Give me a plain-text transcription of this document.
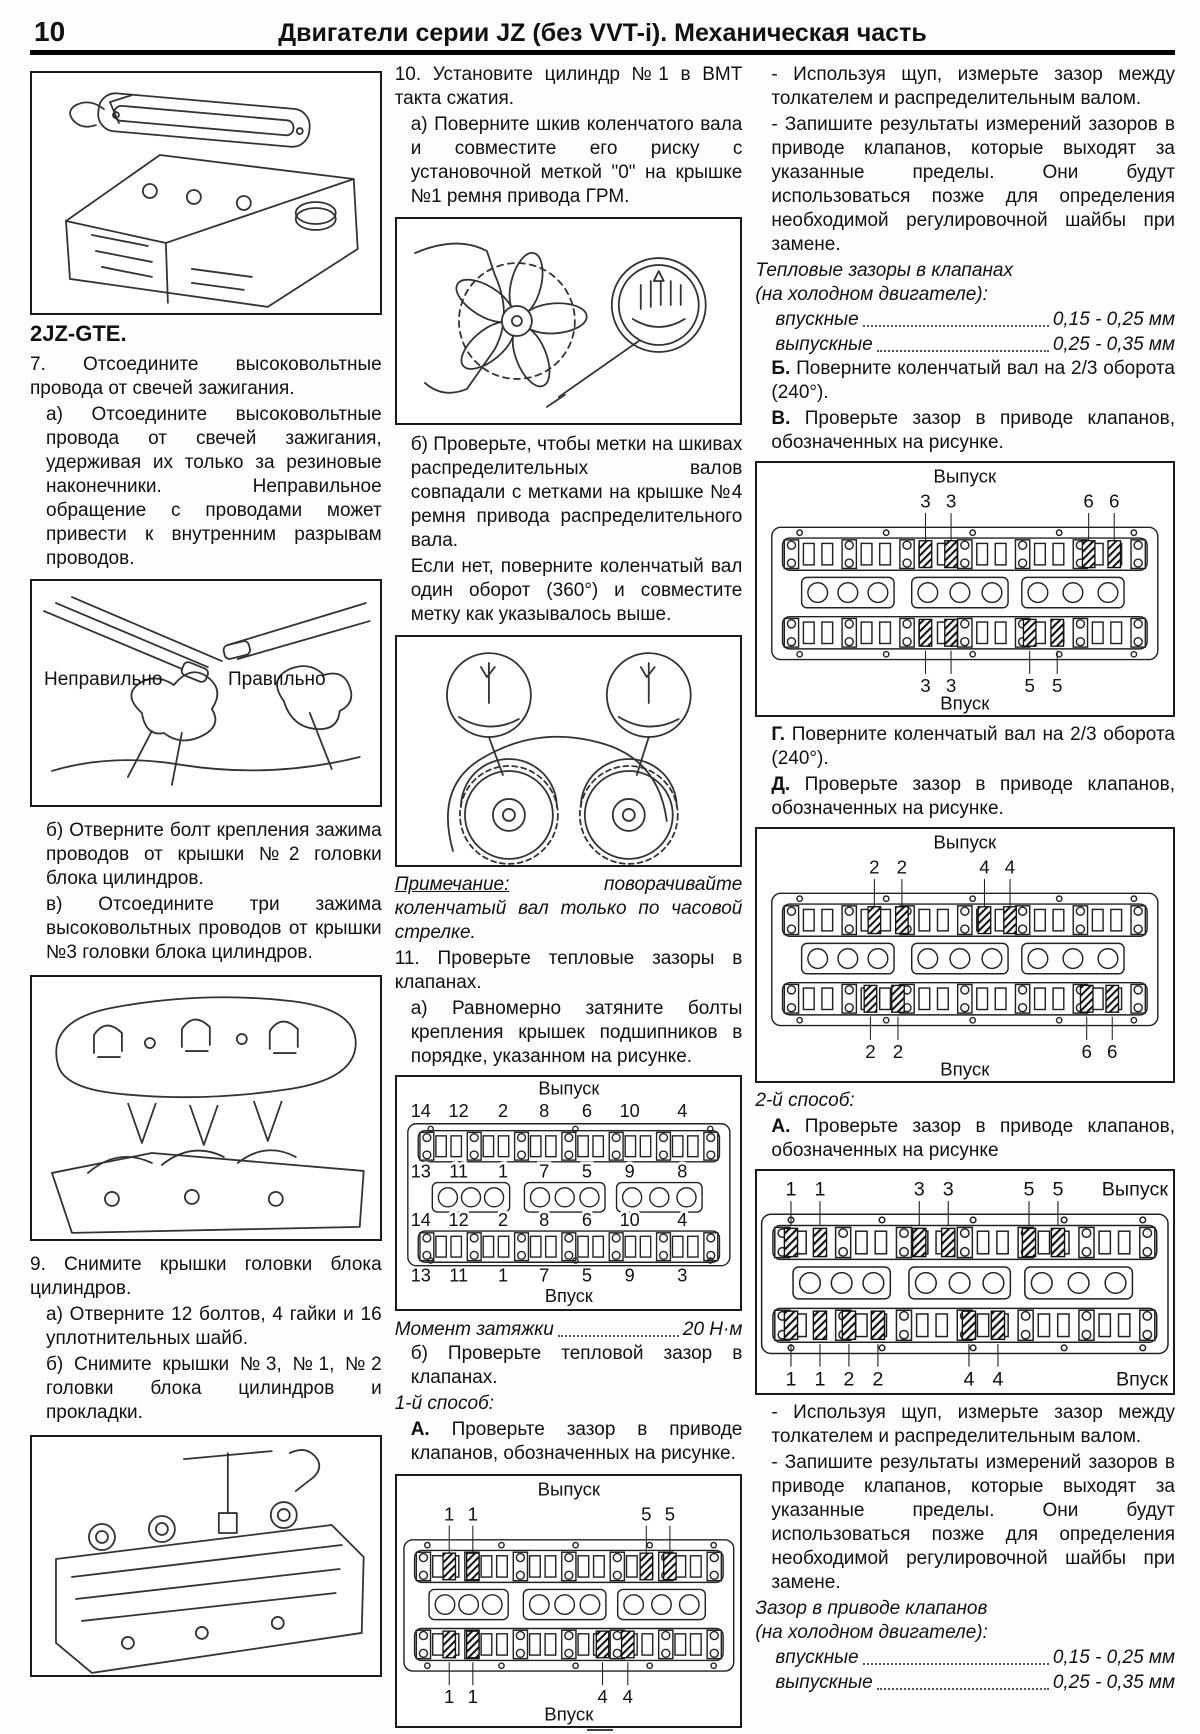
10	Двигатели серии JZ (без VVT-i). Механическая часть
2JZ-GTE.

7. Отсоедините высоковольтные провода от свечей зажигания.

а) Отсоедините высоковольтные провода от свечей зажигания, удерживая их только за резиновые наконечники. Неправильное обращение с проводами может привести к внутренним разрывам проводов.

Неправильно	Правильно

б) Отверните болт крепления зажима проводов от крышки №2 головки блока цилиндров.

в) Отсоедините три зажима высоковольтных проводов от крышки №3 головки блока цилиндров.

9. Снимите крышки головки блока цилиндров.

а) Отверните 12 болтов, 4 гайки и 16 уплотнительных шайб.

б) Снимите крышки №3, №1, №2 головки блока цилиндров и прокладки.

10. Установите цилиндр №1 в ВМТ такта сжатия.

а) Поверните шкив коленчатого вала и совместите его риску с установочной меткой "0" на крышке №1 ремня привода ГРМ.

б) Проверьте, чтобы метки на шкивах распределительных валов совпадали с метками на крышке №4 ремня привода распределительного вала.

Если нет, поверните коленчатый вал один оборот (360°) и совместите метку как указывалось выше.

Примечание:	поворачивайте коленчатый вал только по часовой стрелке.

11. Проверьте тепловые зазоры в клапанах.

а) Равномерно затяните болты крепления крышек подшипников в порядке, указанном на рисунке.

Выпуск
14 12 2 8 6 10 4
13 11 1 7 5 9 8
14 12 2 8 6 10 4
13 11 1 7 5 9 3
Впуск
Момент затяжки	20 Н·м

б) Проверьте тепловой зазор в клапанах.

1-й способ:

А. Проверьте зазор в приводе клапанов, обозначенных на рисунке.

Выпуск
1 1	5 5
1 1	4 4
Впуск

- Используя щуп, измерьте зазор между толкателем и распределительным валом.

- Запишите результаты измерений зазоров в приводе клапанов, которые выходят за указанные пределы. Они будут использоваться позже для определения необходимой регулировочной шайбы при замене.

Тепловые зазоры в клапанах

(на холодном двигателе):

впускные	0,15 - 0,25 мм
выпускные	0,25 - 0,35 мм

Б. Поверните коленчатый вал на 2/3 оборота (240°).

В. Проверьте зазор в приводе клапанов, обозначенных на рисунке.

Выпуск
3 3	6 6
3 3	5 5
Впуск

Г. Поверните коленчатый вал на 2/3 оборота (240°).

Д. Проверьте зазор в приводе клапанов, обозначенных на рисунке.

Выпуск
2 2	4 4
2 2	6 6
Впуск

2-й способ:

А. Проверьте зазор в приводе клапанов, обозначенных на рисунке

1 1	3 3	5 5 Выпуск
1 1 2 2	4 4	Впуск

- Используя щуп, измерьте зазор между толкателем и распределительным валом.

- Запишите результаты измерений зазоров в приводе клапанов, которые выходят за указанные пределы. Они будут использоваться позже для определения необходимой регулировочной шайбы при замене.

Зазор в приводе клапанов

(на холодном двигателе):

впускные	0,15 - 0,25 мм
выпускные	0,25 - 0,35 мм
